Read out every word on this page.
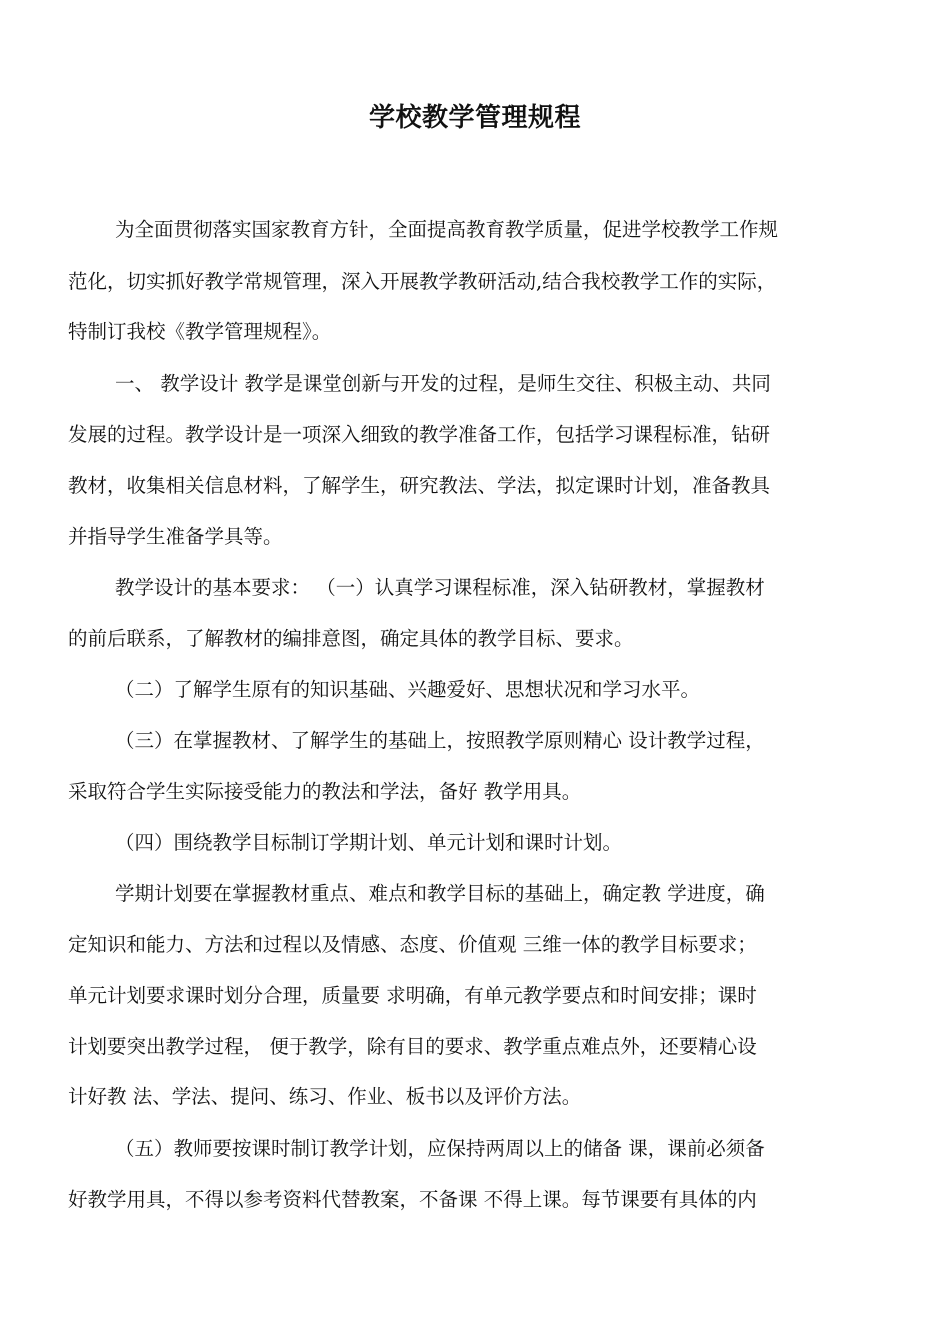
学校教学管理规程
为全面贯彻落实国家教育方针，全面提高教育教学质量，促进学校教学工作规
范化，切实抓好教学常规管理，深入开展教学教研活动,结合我校教学工作的实际，
特制订我校《教学管理规程》。
一、 教学设计 教学是课堂创新与开发的过程，是师生交往、积极主动、共同
发展的过程。教学设计是一项深入细致的教学准备工作，包括学习课程标准，钻研
教材，收集相关信息材料，了解学生，研究教法、学法，拟定课时计划，准备教具
并指导学生准备学具等。
教学设计的基本要求： （一）认真学习课程标准，深入钻研教材，掌握教材
的前后联系，了解教材的编排意图，确定具体的教学目标、要求。
（二）了解学生原有的知识基础、兴趣爱好、思想状况和学习水平。
（三）在掌握教材、了解学生的基础上，按照教学原则精心 设计教学过程，
采取符合学生实际接受能力的教法和学法，备好 教学用具。
（四）围绕教学目标制订学期计划、单元计划和课时计划。
学期计划要在掌握教材重点、难点和教学目标的基础上，确定教 学进度，确
定知识和能力、方法和过程以及情感、态度、价值观 三维一体的教学目标要求；
单元计划要求课时划分合理，质量要 求明确，有单元教学要点和时间安排；课时
计划要突出教学过程， 便于教学，除有目的要求、教学重点难点外，还要精心设
计好教 法、学法、提问、练习、作业、板书以及评价方法。
（五）教师要按课时制订教学计划，应保持两周以上的储备 课，课前必须备
好教学用具，不得以参考资料代替教案，不备课 不得上课。每节课要有具体的内
